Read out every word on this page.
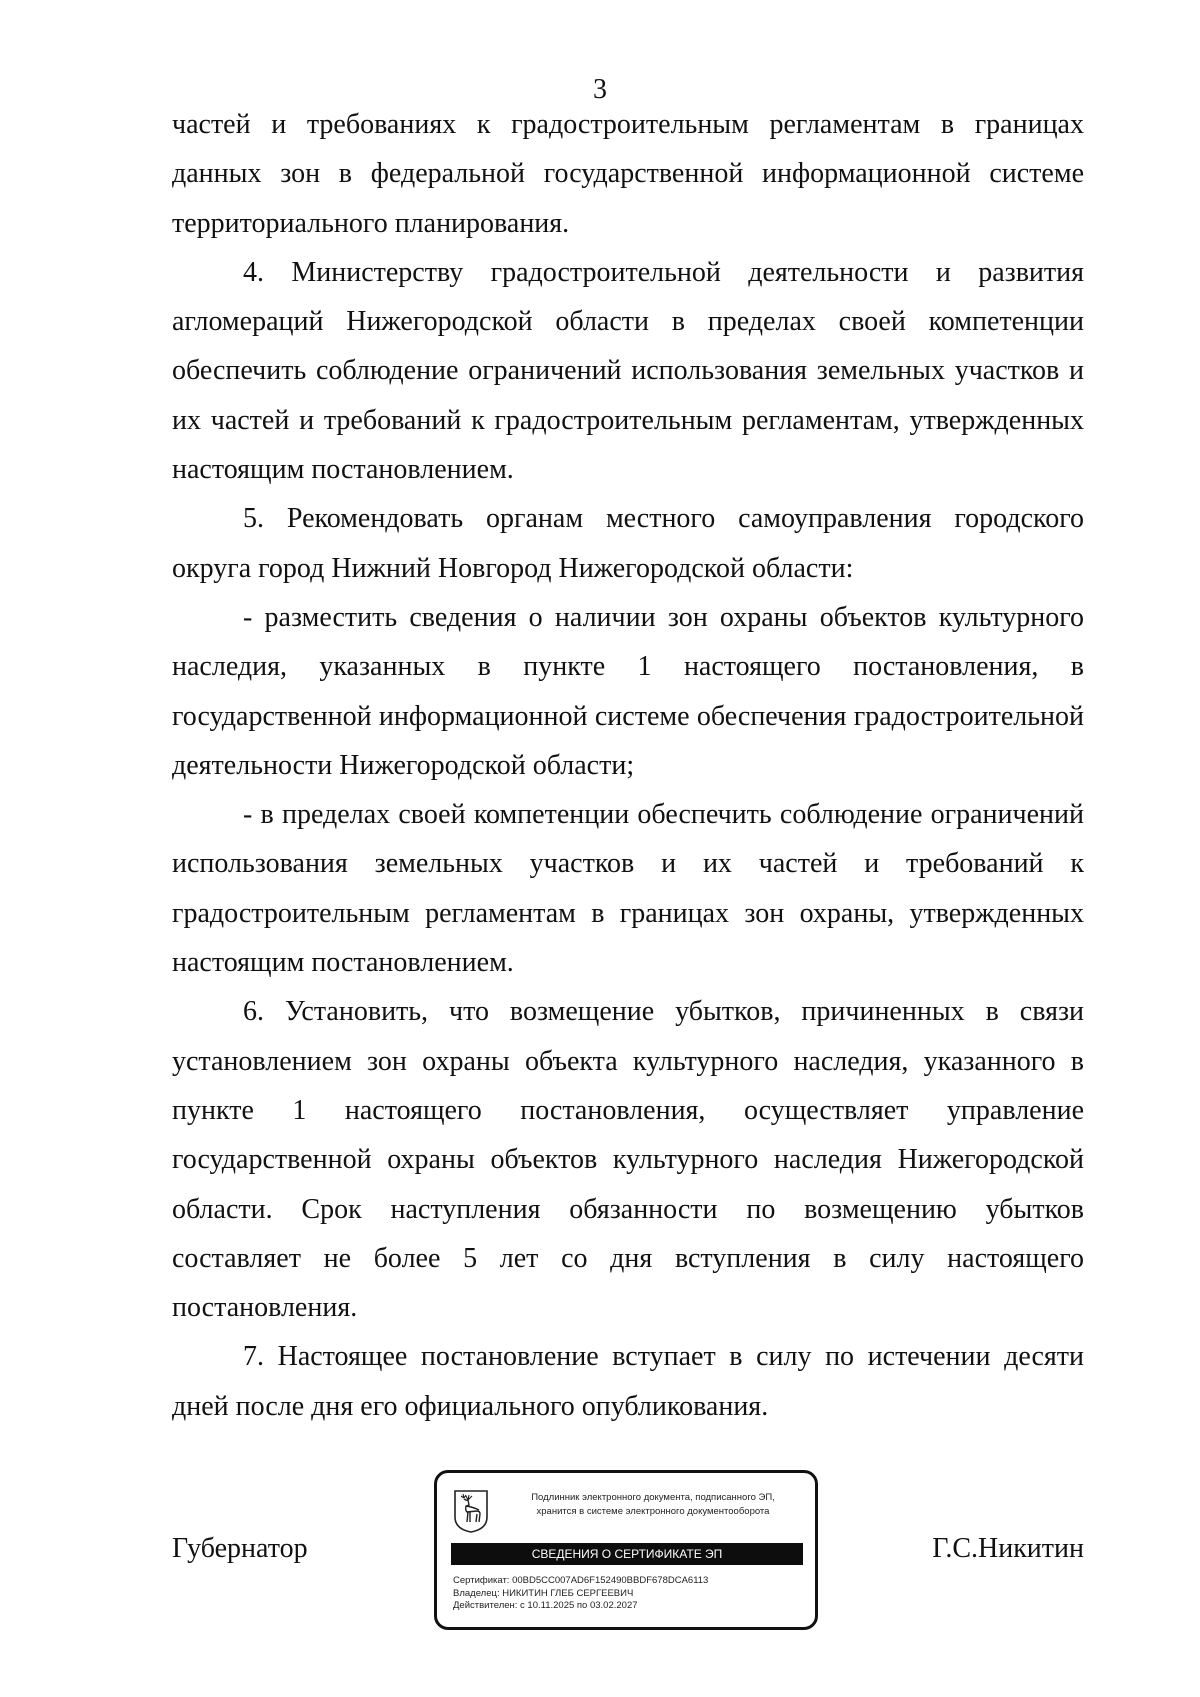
3

частей и требованиях к градостроительным регламентам в границах данных зон в федеральной государственной информационной системе территориального планирования.

4. Министерству градостроительной деятельности и развития агломераций Нижегородской области в пределах своей компетенции обеспечить соблюдение ограничений использования земельных участков и их частей и требований к градостроительным регламентам, утвержденных настоящим постановлением.

5. Рекомендовать органам местного самоуправления городского округа город Нижний Новгород Нижегородской области:

- разместить сведения о наличии зон охраны объектов культурного наследия, указанных в пункте 1 настоящего постановления, в государственной информационной системе обеспечения градостроительной деятельности Нижегородской области;

- в пределах своей компетенции обеспечить соблюдение ограничений использования земельных участков и их частей и требований к градостроительным регламентам в границах зон охраны, утвержденных настоящим постановлением.

6. Установить, что возмещение убытков, причиненных в связи установлением зон охраны объекта культурного наследия, указанного в пункте 1 настоящего постановления, осуществляет управление государственной охраны объектов культурного наследия Нижегородской области. Срок наступления обязанности по возмещению убытков составляет не более 5 лет со дня вступления в силу настоящего постановления.

7. Настоящее постановление вступает в силу по истечении десяти дней после дня его официального опубликования.

Губернатор	Г.С.Никитин
Подлинник электронного документа, подписанного ЭП,
хранится в системе электронного документооборота
СВЕДЕНИЯ О СЕРТИФИКАТЕ ЭП
Сертификат: 00BD5CC007AD6F152490BBDF678DCA6113
Владелец: НИКИТИН ГЛЕБ СЕРГЕЕВИЧ
Действителен: с 10.11.2025 по 03.02.2027
